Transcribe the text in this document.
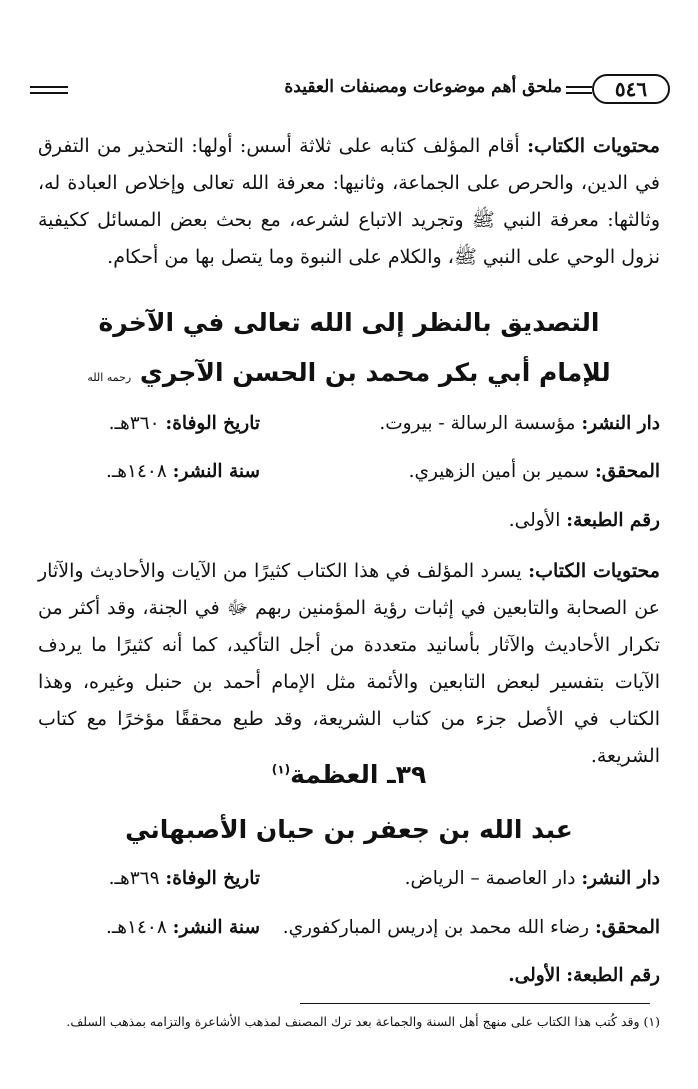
٥٤٦
ملحق أهم موضوعات ومصنفات العقيدة
محتويات الكتاب: أقام المؤلف كتابه على ثلاثة أسس: أولها: التحذير من التفرق في الدين، والحرص على الجماعة، وثانيها: معرفة الله تعالى وإخلاص العبادة له، وثالثها: معرفة النبي ﷺ وتجريد الاتباع لشرعه، مع بحث بعض المسائل ككيفية نزول الوحي على النبي ﷺ، والكلام على النبوة وما يتصل بها من أحكام.
التصديق بالنظر إلى الله تعالى في الآخرة
للإمام أبي بكر محمد بن الحسن الآجري رحمه الله
دار النشر: مؤسسة الرسالة - بيروت.
تاريخ الوفاة: ٣٦٠هـ.
المحقق: سمير بن أمين الزهيري.
سنة النشر: ١٤٠٨هـ.
رقم الطبعة: الأولى.
محتويات الكتاب: يسرد المؤلف في هذا الكتاب كثيرًا من الآيات والأحاديث والآثار عن الصحابة والتابعين في إثبات رؤية المؤمنين ربهم ﷻ في الجنة، وقد أكثر من تكرار الأحاديث والآثار بأسانيد متعددة من أجل التأكيد، كما أنه كثيرًا ما يردف الآيات بتفسير لبعض التابعين والأئمة مثل الإمام أحمد بن حنبل وغيره، وهذا الكتاب في الأصل جزء من كتاب الشريعة، وقد طبع محققًا مؤخرًا مع كتاب الشريعة.
٣٩ـ العظمة$^{(١)}$
عبد الله بن جعفر بن حيان الأصبهاني
دار النشر: دار العاصمة – الرياض.
تاريخ الوفاة: ٣٦٩هـ.
المحقق: رضاء الله محمد بن إدريس المباركفوري.
سنة النشر: ١٤٠٨هـ.
رقم الطبعة: الأولى.
(١) وقد كُتب هذا الكتاب على منهج أهل السنة والجماعة بعد ترك المصنف لمذهب الأشاعرة والتزامه بمذهب السلف.
